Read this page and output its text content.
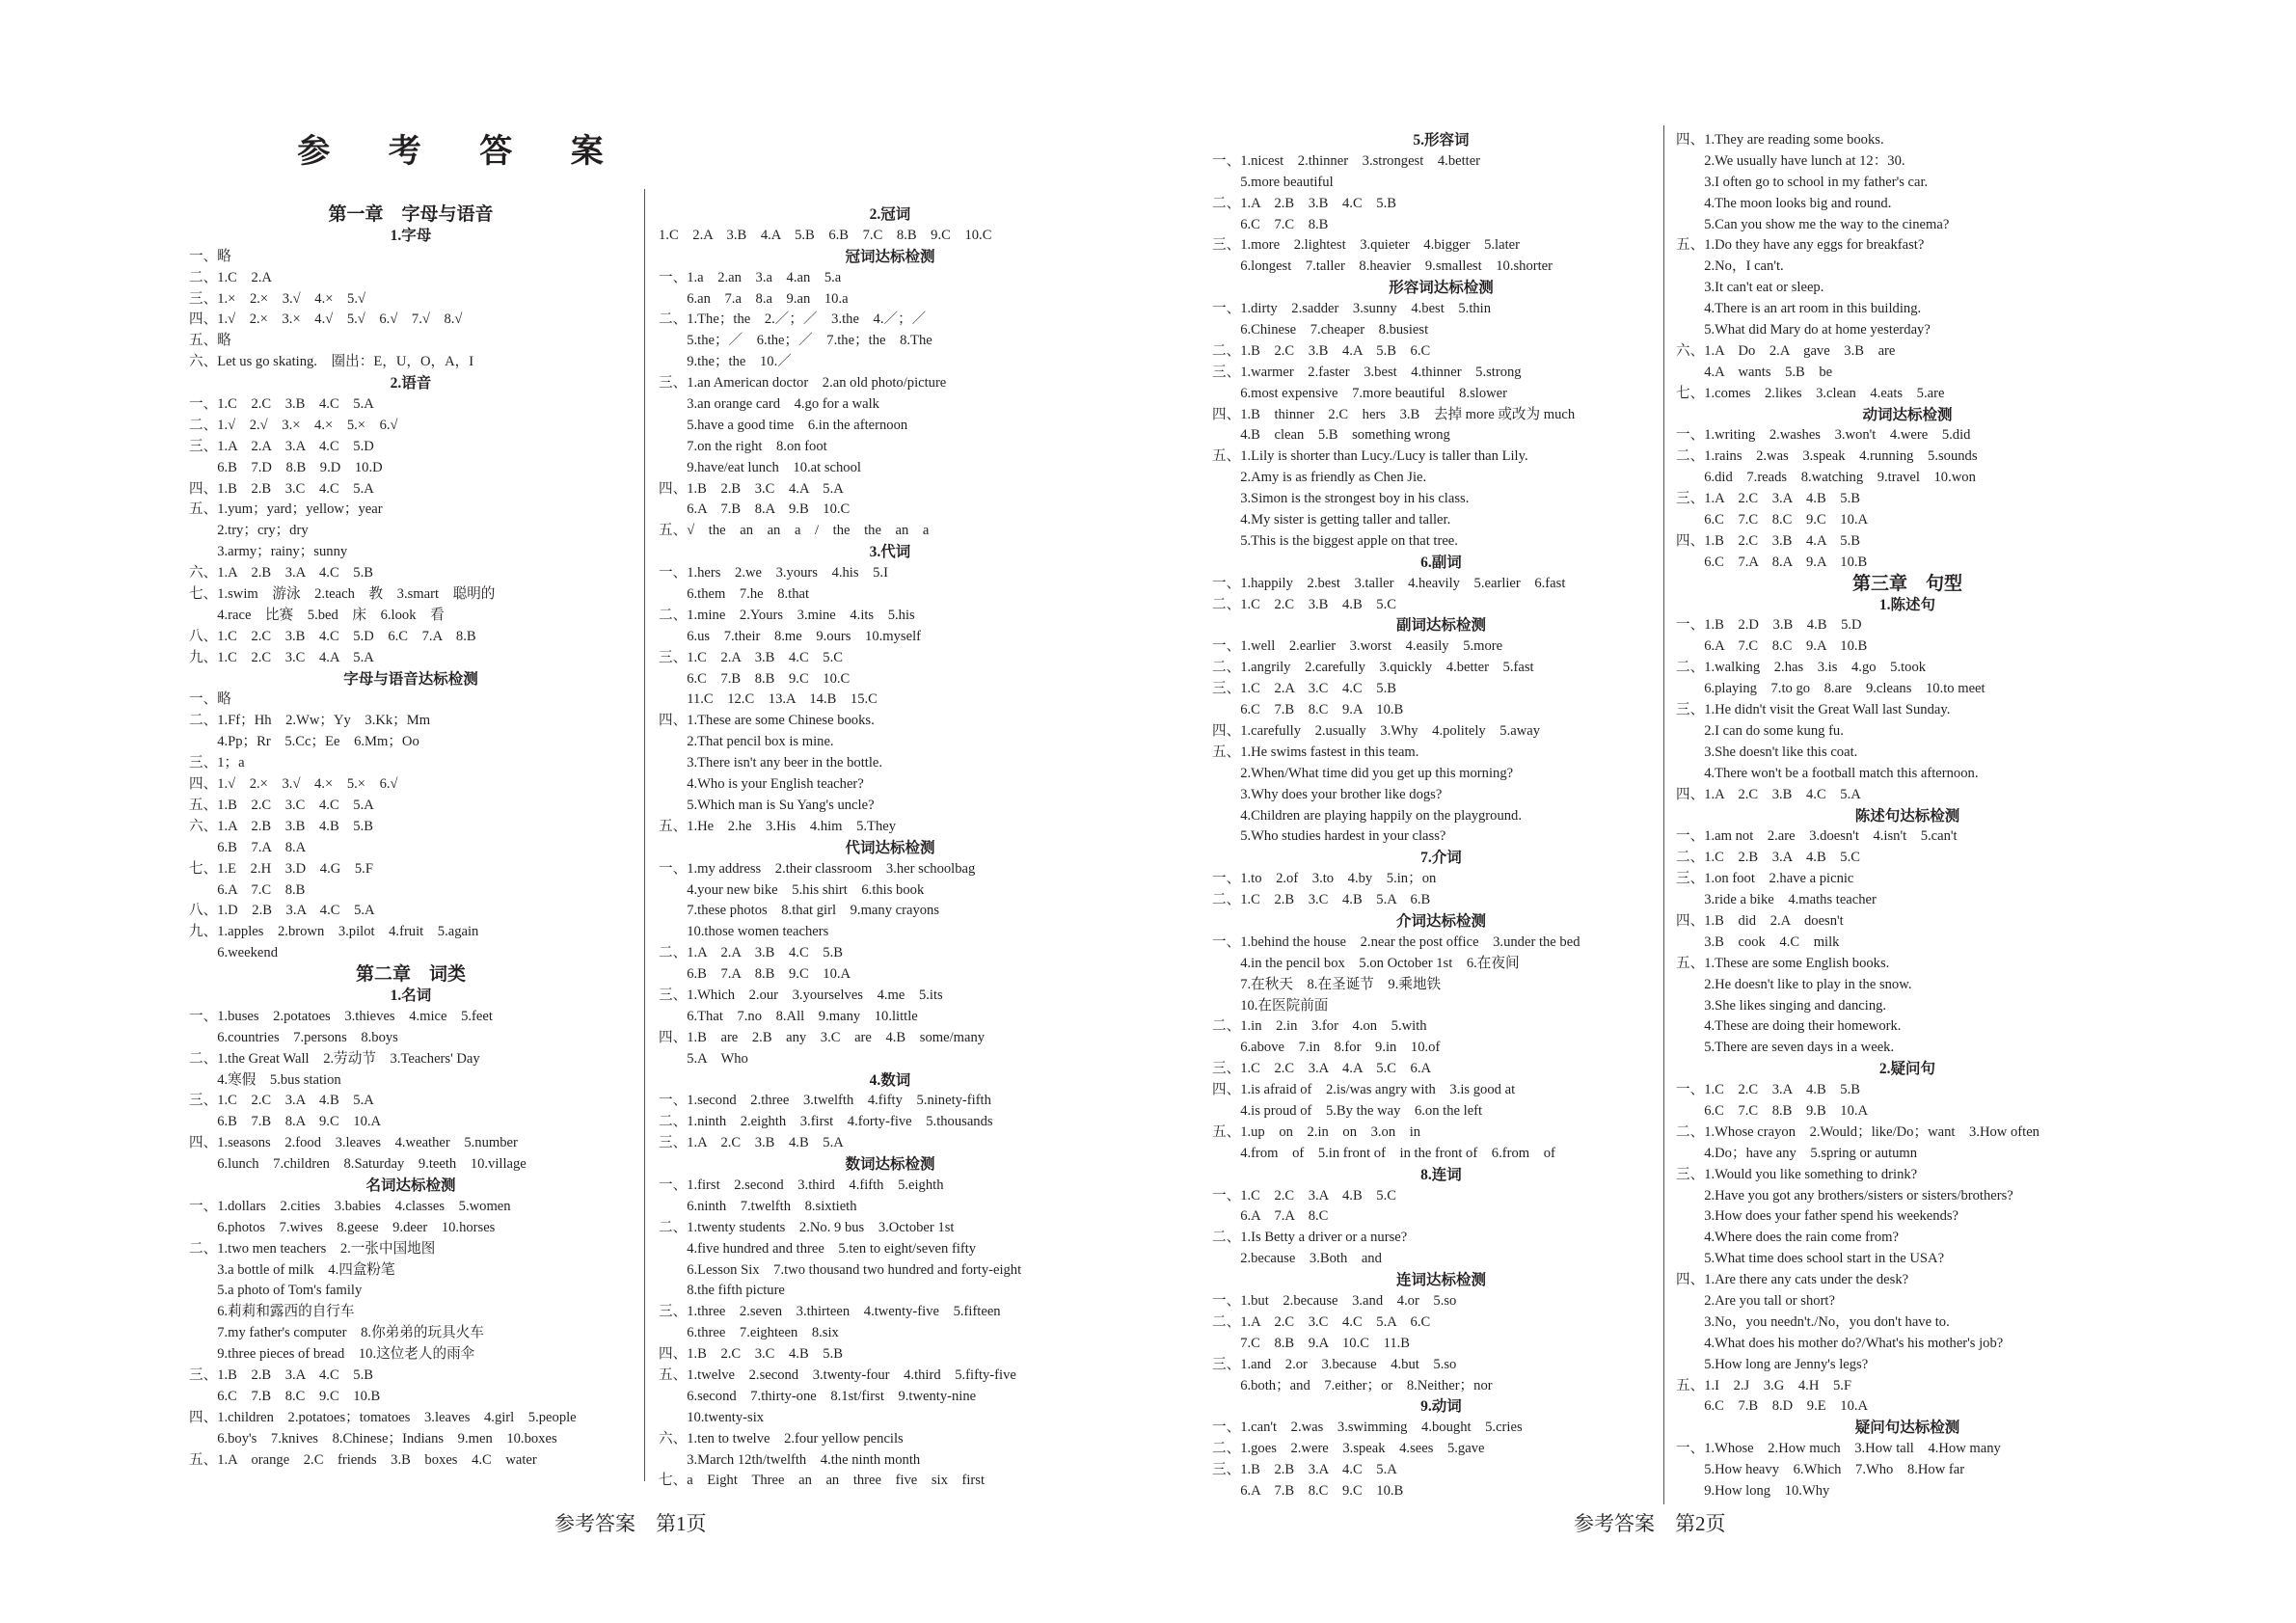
参 考 答 案
第一章　字母与语音
1.字母
一、略
二、1.C　2.A
三、1.×　2.×　3.√　4.×　5.√
四、1.√　2.×　3.×　4.√　5.√　6.√　7.√　8.√
五、略
六、Let us go skating.　圈出：E，U，O，A，I
2.语音
一、1.C　2.C　3.B　4.C　5.A
二、1.√　2.√　3.×　4.×　5.×　6.√
三、1.A　2.A　3.A　4.C　5.D
　　6.B　7.D　8.B　9.D　10.D
四、1.B　2.B　3.C　4.C　5.A
五、1.yum；yard；yellow；year
　　2.try；cry；dry
　　3.army；rainy；sunny
六、1.A　2.B　3.A　4.C　5.B
七、1.swim　游泳　2.teach　教　3.smart　聪明的
　　4.race　比赛　5.bed　床　6.look　看
八、1.C　2.C　3.B　4.C　5.D　6.C　7.A　8.B
九、1.C　2.C　3.C　4.A　5.A
字母与语音达标检测
一、略
二、1.Ff；Hh　2.Ww；Yy　3.Kk；Mm
　　4.Pp；Rr　5.Cc；Ee　6.Mm；Oo
三、1；a
四、1.√　2.×　3.√　4.×　5.×　6.√
五、1.B　2.C　3.C　4.C　5.A
六、1.A　2.B　3.B　4.B　5.B
　　6.B　7.A　8.A
七、1.E　2.H　3.D　4.G　5.F
　　6.A　7.C　8.B
八、1.D　2.B　3.A　4.C　5.A
九、1.apples　2.brown　3.pilot　4.fruit　5.again
　　6.weekend
第二章　词类
1.名词
一、1.buses　2.potatoes　3.thieves　4.mice　5.feet
　　6.countries　7.persons　8.boys
二、1.the Great Wall　2.劳动节　3.Teachers' Day
　　4.寒假　5.bus station
三、1.C　2.C　3.A　4.B　5.A
　　6.B　7.B　8.A　9.C　10.A
四、1.seasons　2.food　3.leaves　4.weather　5.number
　　6.lunch　7.children　8.Saturday　9.teeth　10.village
名词达标检测
一、1.dollars　2.cities　3.babies　4.classes　5.women
　　6.photos　7.wives　8.geese　9.deer　10.horses
二、1.two men teachers　2.一张中国地图
　　3.a bottle of milk　4.四盒粉笔
　　5.a photo of Tom's family
　　6.莉莉和露西的自行车
　　7.my father's computer　8.你弟弟的玩具火车
　　9.three pieces of bread　10.这位老人的雨伞
三、1.B　2.B　3.A　4.C　5.B
　　6.C　7.B　8.C　9.C　10.B
四、1.children　2.potatoes；tomatoes　3.leaves　4.girl　5.people
　　6.boy's　7.knives　8.Chinese；Indians　9.men　10.boxes
五、1.A　orange　2.C　friends　3.B　boxes　4.C　water
2.冠词
1.C　2.A　3.B　4.A　5.B　6.B　7.C　8.B　9.C　10.C
冠词达标检测
一、1.a　2.an　3.a　4.an　5.a
　　6.an　7.a　8.a　9.an　10.a
二、1.The；the　2.／；／　3.the　4.／；／
　　5.the；／　6.the；／　7.the；the　8.The
　　9.the；the　10.／
三、1.an American doctor　2.an old photo/picture
　　3.an orange card　4.go for a walk
　　5.have a good time　6.in the afternoon
　　7.on the right　8.on foot
　　9.have/eat lunch　10.at school
四、1.B　2.B　3.C　4.A　5.A
　　6.A　7.B　8.A　9.B　10.C
五、√　the　an　an　a　/　the　the　an　a
3.代词
一、1.hers　2.we　3.yours　4.his　5.I
　　6.them　7.he　8.that
二、1.mine　2.Yours　3.mine　4.its　5.his
　　6.us　7.their　8.me　9.ours　10.myself
三、1.C　2.A　3.B　4.C　5.C
　　6.C　7.B　8.B　9.C　10.C
　　11.C　12.C　13.A　14.B　15.C
四、1.These are some Chinese books.
　　2.That pencil box is mine.
　　3.There isn't any beer in the bottle.
　　4.Who is your English teacher?
　　5.Which man is Su Yang's uncle?
五、1.He　2.he　3.His　4.him　5.They
代词达标检测
一、1.my address　2.their classroom　3.her schoolbag
　　4.your new bike　5.his shirt　6.this book
　　7.these photos　8.that girl　9.many crayons
　　10.those women teachers
二、1.A　2.A　3.B　4.C　5.B
　　6.B　7.A　8.B　9.C　10.A
三、1.Which　2.our　3.yourselves　4.me　5.its
　　6.That　7.no　8.All　9.many　10.little
四、1.B　are　2.B　any　3.C　are　4.B　some/many
　　5.A　Who
4.数词
一、1.second　2.three　3.twelfth　4.fifty　5.ninety-fifth
二、1.ninth　2.eighth　3.first　4.forty-five　5.thousands
三、1.A　2.C　3.B　4.B　5.A
数词达标检测
一、1.first　2.second　3.third　4.fifth　5.eighth
　　6.ninth　7.twelfth　8.sixtieth
二、1.twenty students　2.No. 9 bus　3.October 1st
　　4.five hundred and three　5.ten to eight/seven fifty
　　6.Lesson Six　7.two thousand two hundred and forty-eight
　　8.the fifth picture
三、1.three　2.seven　3.thirteen　4.twenty-five　5.fifteen
　　6.three　7.eighteen　8.six
四、1.B　2.C　3.C　4.B　5.B
五、1.twelve　2.second　3.twenty-four　4.third　5.fifty-five
　　6.second　7.thirty-one　8.1st/first　9.twenty-nine
　　10.twenty-six
六、1.ten to twelve　2.four yellow pencils
　　3.March 12th/twelfth　4.the ninth month
七、a　Eight　Three　an　an　three　five　six　first
5.形容词
一、1.nicest　2.thinner　3.strongest　4.better
　　5.more beautiful
二、1.A　2.B　3.B　4.C　5.B
　　6.C　7.C　8.B
三、1.more　2.lightest　3.quieter　4.bigger　5.later
　　6.longest　7.taller　8.heavier　9.smallest　10.shorter
形容词达标检测
一、1.dirty　2.sadder　3.sunny　4.best　5.thin
　　6.Chinese　7.cheaper　8.busiest
二、1.B　2.C　3.B　4.A　5.B　6.C
三、1.warmer　2.faster　3.best　4.thinner　5.strong
　　6.most expensive　7.more beautiful　8.slower
四、1.B　thinner　2.C　hers　3.B　去掉 more 或改为 much
　　4.B　clean　5.B　something wrong
五、1.Lily is shorter than Lucy./Lucy is taller than Lily.
　　2.Amy is as friendly as Chen Jie.
　　3.Simon is the strongest boy in his class.
　　4.My sister is getting taller and taller.
　　5.This is the biggest apple on that tree.
6.副词
一、1.happily　2.best　3.taller　4.heavily　5.earlier　6.fast
二、1.C　2.C　3.B　4.B　5.C
副词达标检测
一、1.well　2.earlier　3.worst　4.easily　5.more
二、1.angrily　2.carefully　3.quickly　4.better　5.fast
三、1.C　2.A　3.C　4.C　5.B
　　6.C　7.B　8.C　9.A　10.B
四、1.carefully　2.usually　3.Why　4.politely　5.away
五、1.He swims fastest in this team.
　　2.When/What time did you get up this morning?
　　3.Why does your brother like dogs?
　　4.Children are playing happily on the playground.
　　5.Who studies hardest in your class?
7.介词
一、1.to　2.of　3.to　4.by　5.in；on
二、1.C　2.B　3.C　4.B　5.A　6.B
介词达标检测
一、1.behind the house　2.near the post office　3.under the bed
　　4.in the pencil box　5.on October 1st　6.在夜间
　　7.在秋天　8.在圣诞节　9.乘地铁
　　10.在医院前面
二、1.in　2.in　3.for　4.on　5.with
　　6.above　7.in　8.for　9.in　10.of
三、1.C　2.C　3.A　4.A　5.C　6.A
四、1.is afraid of　2.is/was angry with　3.is good at
　　4.is proud of　5.By the way　6.on the left
五、1.up　on　2.in　on　3.on　in
　　4.from　of　5.in front of　in the front of　6.from　of
8.连词
一、1.C　2.C　3.A　4.B　5.C
　　6.A　7.A　8.C
二、1.Is Betty a driver or a nurse?
　　2.because　3.Both　and
连词达标检测
一、1.but　2.because　3.and　4.or　5.so
二、1.A　2.C　3.C　4.C　5.A　6.C
　　7.C　8.B　9.A　10.C　11.B
三、1.and　2.or　3.because　4.but　5.so
　　6.both；and　7.either；or　8.Neither；nor
9.动词
一、1.can't　2.was　3.swimming　4.bought　5.cries
二、1.goes　2.were　3.speak　4.sees　5.gave
三、1.B　2.B　3.A　4.C　5.A
　　6.A　7.B　8.C　9.C　10.B
四、1.They are reading some books.
　　2.We usually have lunch at 12：30.
　　3.I often go to school in my father's car.
　　4.The moon looks big and round.
　　5.Can you show me the way to the cinema?
五、1.Do they have any eggs for breakfast?
　　2.No，I can't.
　　3.It can't eat or sleep.
　　4.There is an art room in this building.
　　5.What did Mary do at home yesterday?
六、1.A　Do　2.A　gave　3.B　are
　　4.A　wants　5.B　be
七、1.comes　2.likes　3.clean　4.eats　5.are
动词达标检测
一、1.writing　2.washes　3.won't　4.were　5.did
二、1.rains　2.was　3.speak　4.running　5.sounds
　　6.did　7.reads　8.watching　9.travel　10.won
三、1.A　2.C　3.A　4.B　5.B
　　6.C　7.C　8.C　9.C　10.A
四、1.B　2.C　3.B　4.A　5.B
　　6.C　7.A　8.A　9.A　10.B
第三章　句型
1.陈述句
一、1.B　2.D　3.B　4.B　5.D
　　6.A　7.C　8.C　9.A　10.B
二、1.walking　2.has　3.is　4.go　5.took
　　6.playing　7.to go　8.are　9.cleans　10.to meet
三、1.He didn't visit the Great Wall last Sunday.
　　2.I can do some kung fu.
　　3.She doesn't like this coat.
　　4.There won't be a football match this afternoon.
四、1.A　2.C　3.B　4.C　5.A
陈述句达标检测
一、1.am not　2.are　3.doesn't　4.isn't　5.can't
二、1.C　2.B　3.A　4.B　5.C
三、1.on foot　2.have a picnic
　　3.ride a bike　4.maths teacher
四、1.B　did　2.A　doesn't
　　3.B　cook　4.C　milk
五、1.These are some English books.
　　2.He doesn't like to play in the snow.
　　3.She likes singing and dancing.
　　4.These are doing their homework.
　　5.There are seven days in a week.
2.疑问句
一、1.C　2.C　3.A　4.B　5.B
　　6.C　7.C　8.B　9.B　10.A
二、1.Whose crayon　2.Would；like/Do；want　3.How often
　　4.Do；have any　5.spring or autumn
三、1.Would you like something to drink?
　　2.Have you got any brothers/sisters or sisters/brothers?
　　3.How does your father spend his weekends?
　　4.Where does the rain come from?
　　5.What time does school start in the USA?
四、1.Are there any cats under the desk?
　　2.Are you tall or short?
　　3.No，you needn't./No，you don't have to.
　　4.What does his mother do?/What's his mother's job?
　　5.How long are Jenny's legs?
五、1.I　2.J　3.G　4.H　5.F
　　6.C　7.B　8.D　9.E　10.A
疑问句达标检测
一、1.Whose　2.How much　3.How tall　4.How many
　　5.How heavy　6.Which　7.Who　8.How far
　　9.How long　10.Why
参考答案　第1页	参考答案　第2页
